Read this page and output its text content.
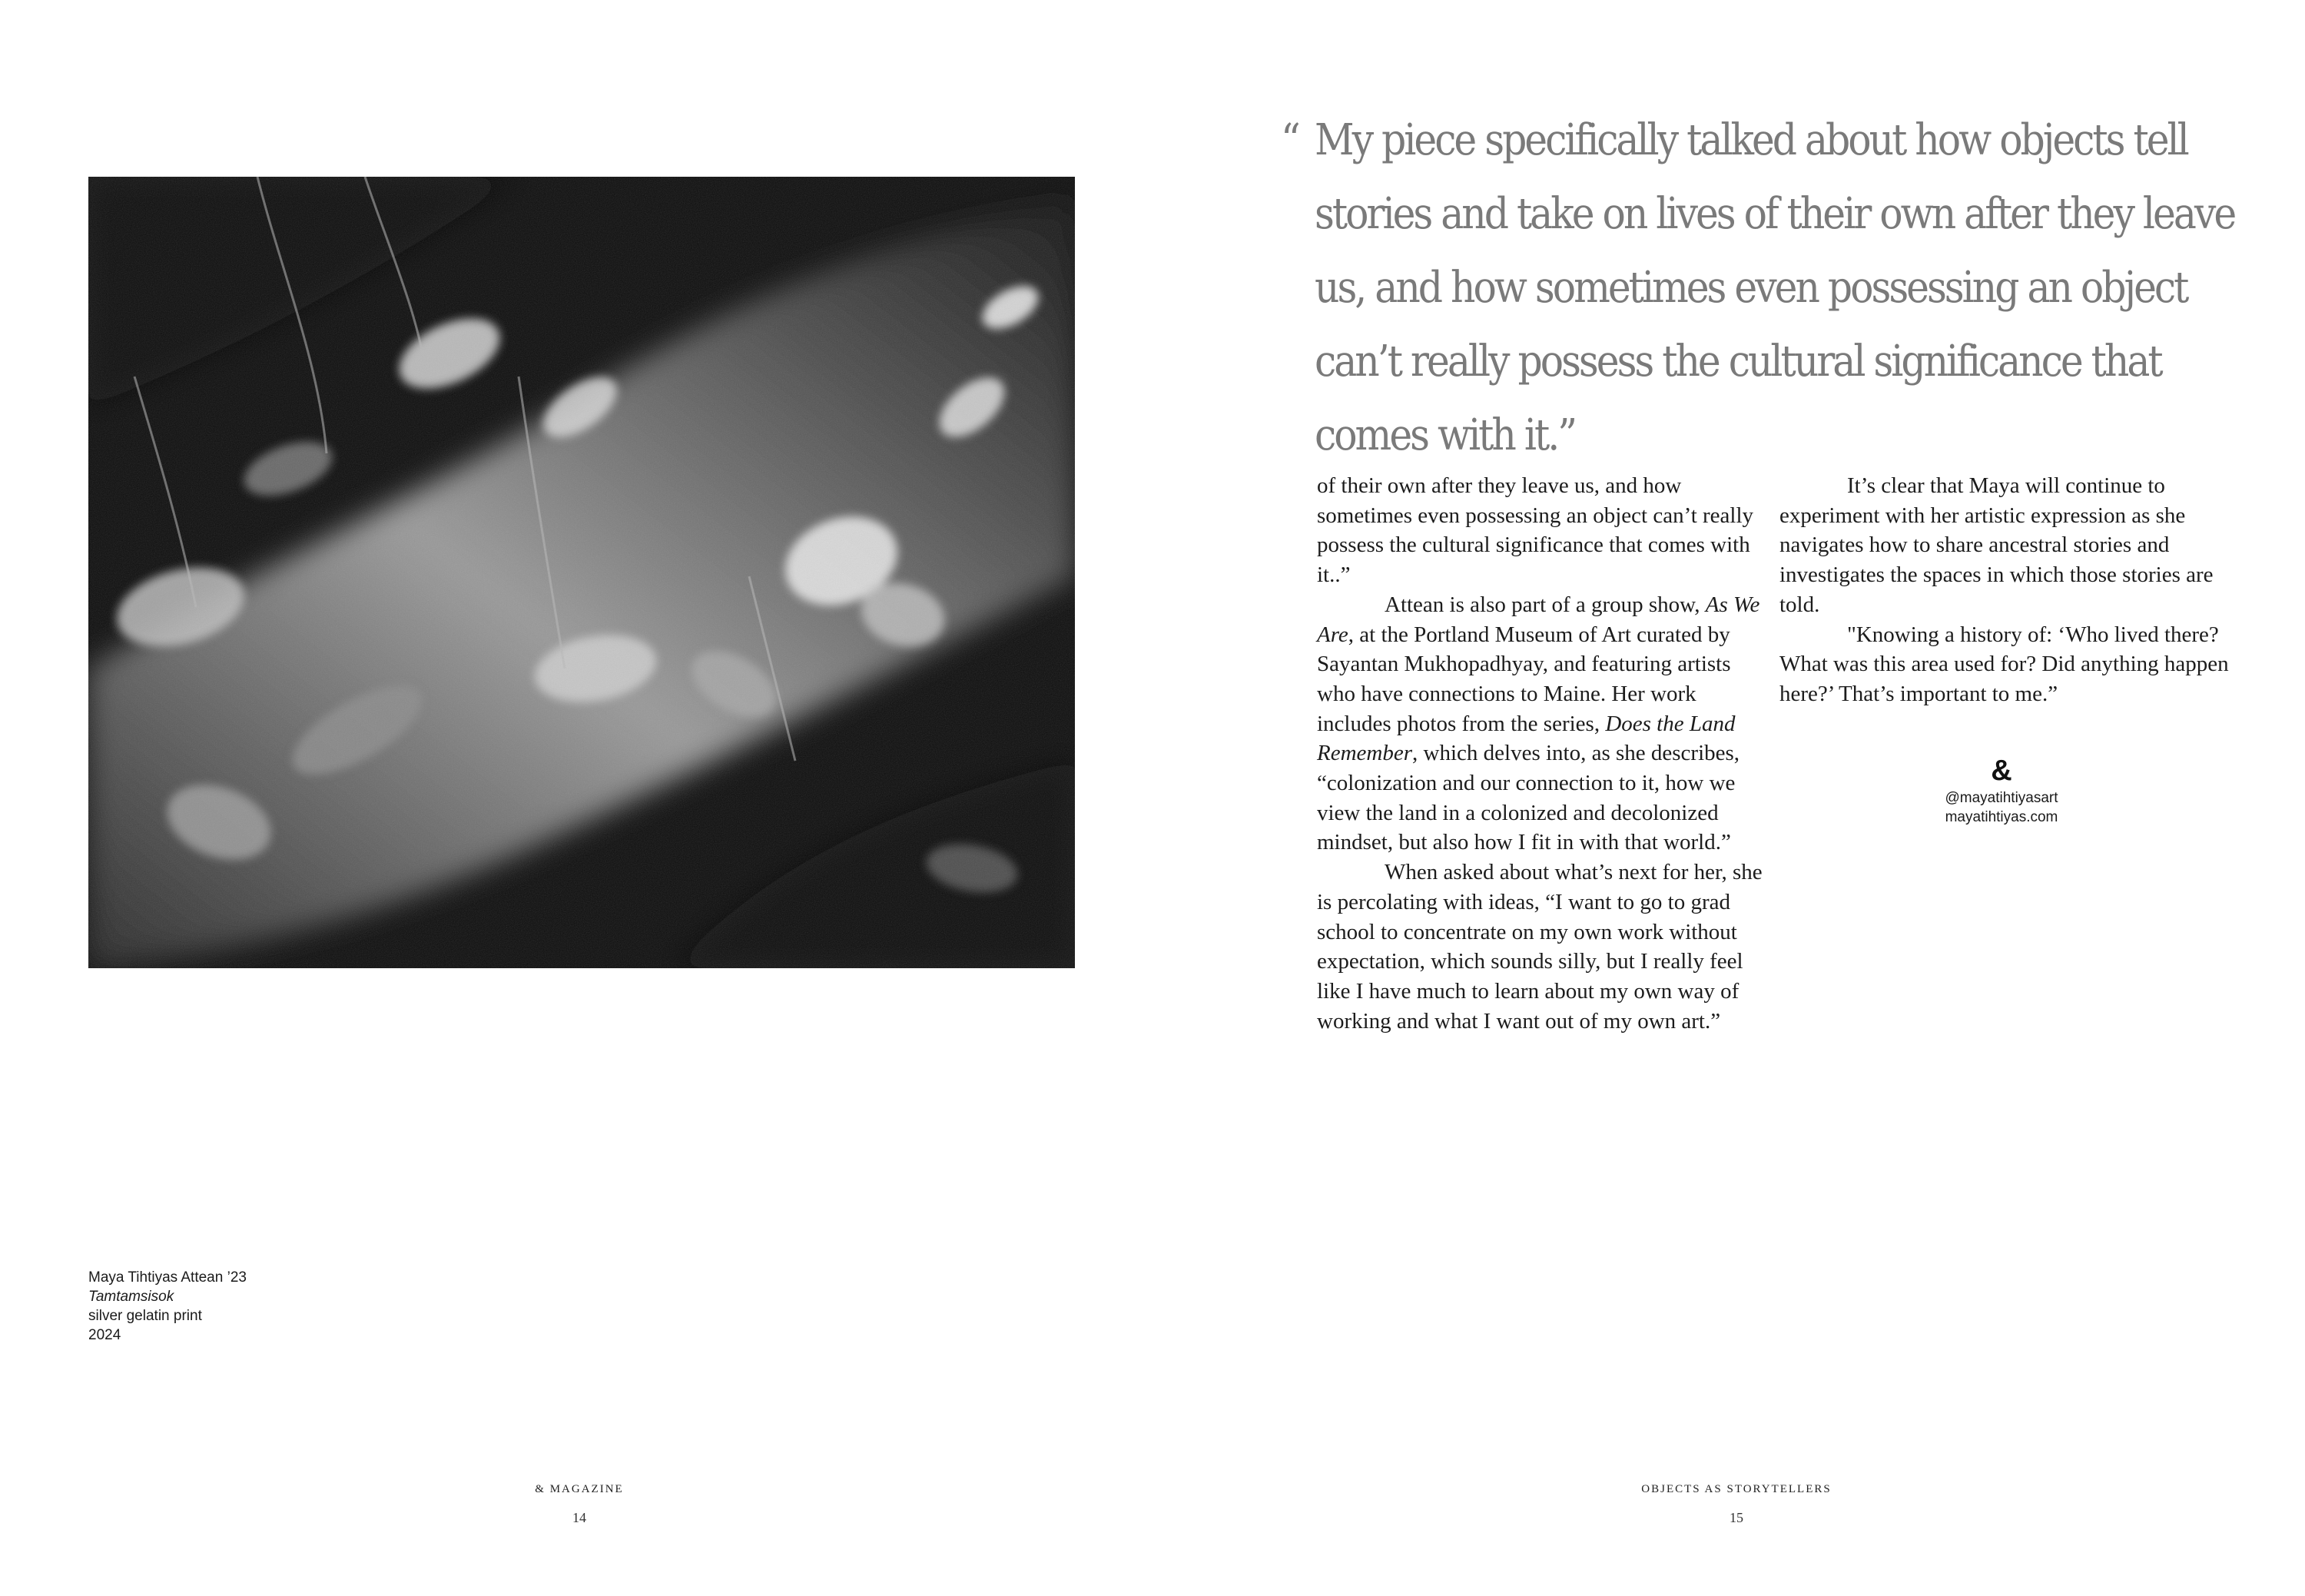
Maya Tihtiyas Attean ’23
Tamtamsisok
silver gelatin print
2024
& MAGAZINE
14
“ My piece specifically talked about how objects tell stories and take on lives of their own after they leave us, and how sometimes even possessing an object can’t really possess the cultural significance that comes with it.”

of their own after they leave us, and how sometimes even possessing an object can’t really possess the cultural significance that comes with it..”

Attean is also part of a group show, As We Are, at the Portland Museum of Art curated by Sayantan Mukhopadhyay, and featuring artists who have connections to Maine. Her work includes photos from the series, Does the Land Remember, which delves into, as she describes, “colonization and our connection to it, how we view the land in a colonized and decolonized mindset, but also how I fit in with that world.”

When asked about what’s next for her, she is percolating with ideas, “I want to go to grad school to concentrate on my own work without expectation, which sounds silly, but I really feel like I have much to learn about my own way of working and what I want out of my own art.”

It’s clear that Maya will continue to experiment with her artistic expression as she navigates how to share ancestral stories and investigates the spaces in which those stories are told.

"Knowing a history of: ‘Who lived there? What was this area used for? Did anything happen here?’ That’s important to me.”

&
@mayatihtiyasart
mayatihtiyas.com
OBJECTS AS STORYTELLERS
15
